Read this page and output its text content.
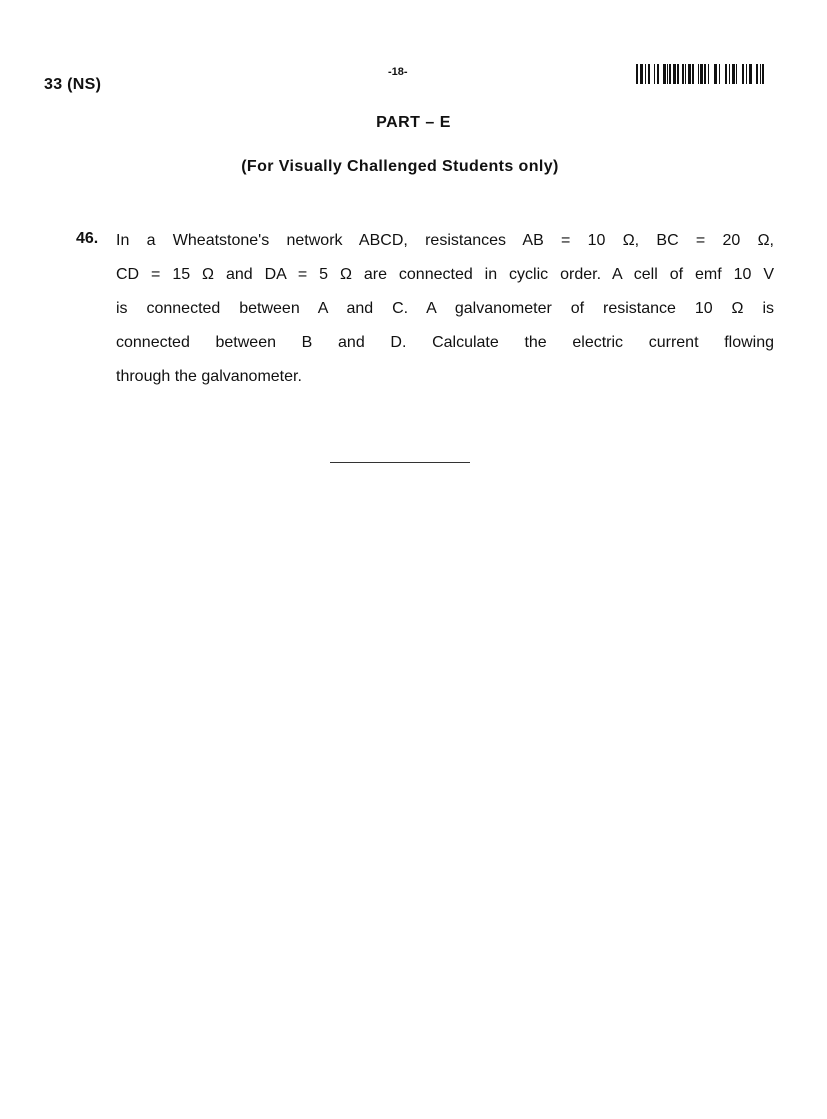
33 (NS)
-18-
PART – E
(For Visually Challenged Students only)
46. In a Wheatstone's network ABCD, resistances AB = 10 Ω, BC = 20 Ω,
CD = 15 Ω and DA = 5 Ω are connected in cyclic order. A cell of emf 10 V
is connected between A and C. A galvanometer of resistance 10 Ω is
connected between B and D. Calculate the electric current flowing
through the galvanometer.
